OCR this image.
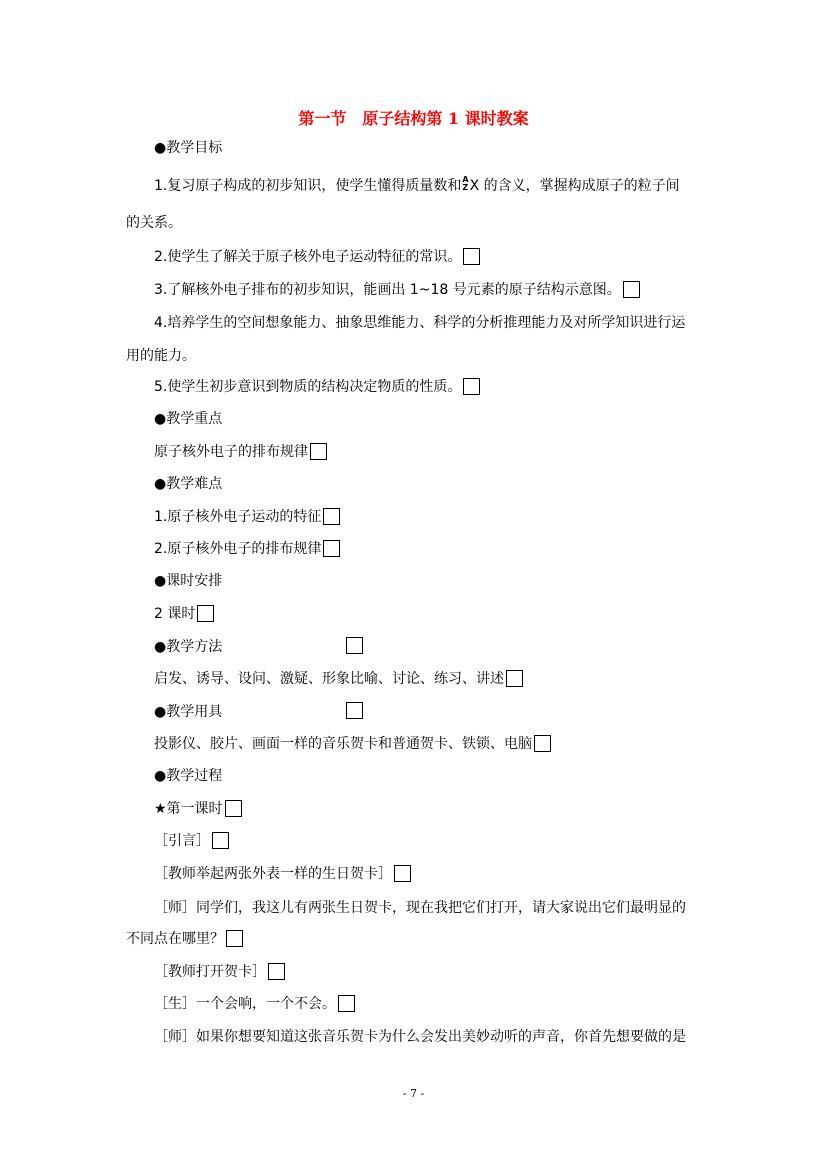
第一节　原子结构第 1 课时教案
●教学目标
1.复习原子构成的初步知识，使学生懂得质量数和 A
Z X 的含义，掌握构成原子的粒子间
的关系。
2.使学生了解关于原子核外电子运动特征的常识。
3.了解核外电子排布的初步知识，能画出 1~18 号元素的原子结构示意图。
4.培养学生的空间想象能力、抽象思维能力、科学的分析推理能力及对所学知识进行运
用的能力。
5.使学生初步意识到物质的结构决定物质的性质。
●教学重点
原子核外电子的排布规律
●教学难点
1.原子核外电子运动的特征
2.原子核外电子的排布规律
●课时安排
2 课时
●教学方法
启发、诱导、设问、激疑、形象比喻、讨论、练习、讲述
●教学用具
投影仪、胶片、画面一样的音乐贺卡和普通贺卡、铁锁、电脑
●教学过程
★第一课时
［引言］
［教师举起两张外表一样的生日贺卡］
［师］同学们，我这儿有两张生日贺卡，现在我把它们打开，请大家说出它们最明显的
不同点在哪里？
［教师打开贺卡］
［生］一个会响，一个不会。
［师］如果你想要知道这张音乐贺卡为什么会发出美妙动听的声音，你首先想要做的是
- 7 -
